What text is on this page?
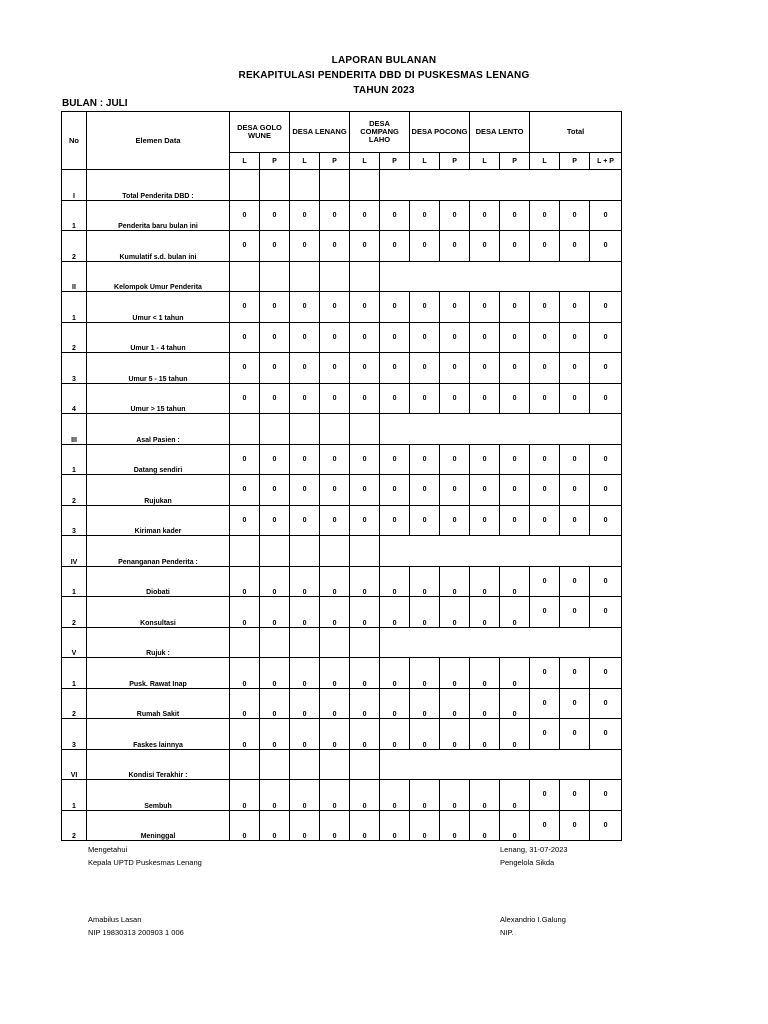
LAPORAN BULANAN
REKAPITULASI PENDERITA DBD DI PUSKESMAS LENANG
TAHUN 2023
BULAN : JULI
No	Elemen Data	DESA GOLO WUNE		DESA LENANG		DESA COMPANG LAHO		DESA POCONG		DESA LENTO		Total		
		L	P	L	P	L	P	L	P	L	P	L	P	L + P
I	Total Penderita DBD :													
1	Penderita baru bulan ini	0	0	0	0	0	0	0	0	0	0	0	0	0
2	Kumulatif s.d. bulan ini	0	0	0	0	0	0	0	0	0	0	0	0	0
II	Kelompok Umur Penderita													
1	Umur < 1 tahun	0	0	0	0	0	0	0	0	0	0	0	0	0
2	Umur 1 - 4 tahun	0	0	0	0	0	0	0	0	0	0	0	0	0
3	Umur 5 - 15 tahun	0	0	0	0	0	0	0	0	0	0	0	0	0
4	Umur > 15 tahun	0	0	0	0	0	0	0	0	0	0	0	0	0
III	Asal Pasien :													
1	Datang sendiri	0	0	0	0	0	0	0	0	0	0	0	0	0
2	Rujukan	0	0	0	0	0	0	0	0	0	0	0	0	0
3	Kiriman kader	0	0	0	0	0	0	0	0	0	0	0	0	0
IV	Penanganan Penderita :													
1	Diobati	0	0	0	0	0	0	0	0	0	0	0	0	0
2	Konsultasi	0	0	0	0	0	0	0	0	0	0	0	0	0
V	Rujuk :													
1	Pusk. Rawat Inap	0	0	0	0	0	0	0	0	0	0	0	0	0
2	Rumah Sakit	0	0	0	0	0	0	0	0	0	0	0	0	0
3	Faskes lainnya	0	0	0	0	0	0	0	0	0	0	0	0	0
VI	Kondisi Terakhir :													
1	Sembuh	0	0	0	0	0	0	0	0	0	0	0	0	0
2	Meninggal	0	0	0	0	0	0	0	0	0	0	0	0	0
Mengetahui
Kepala UPTD Puskesmas Lenang
Amabilus Lasan
NIP 19830313 200903 1 006
Lenang, 31-07-2023
Pengelola Sikda
Alexandrio I.Galung
NIP.
